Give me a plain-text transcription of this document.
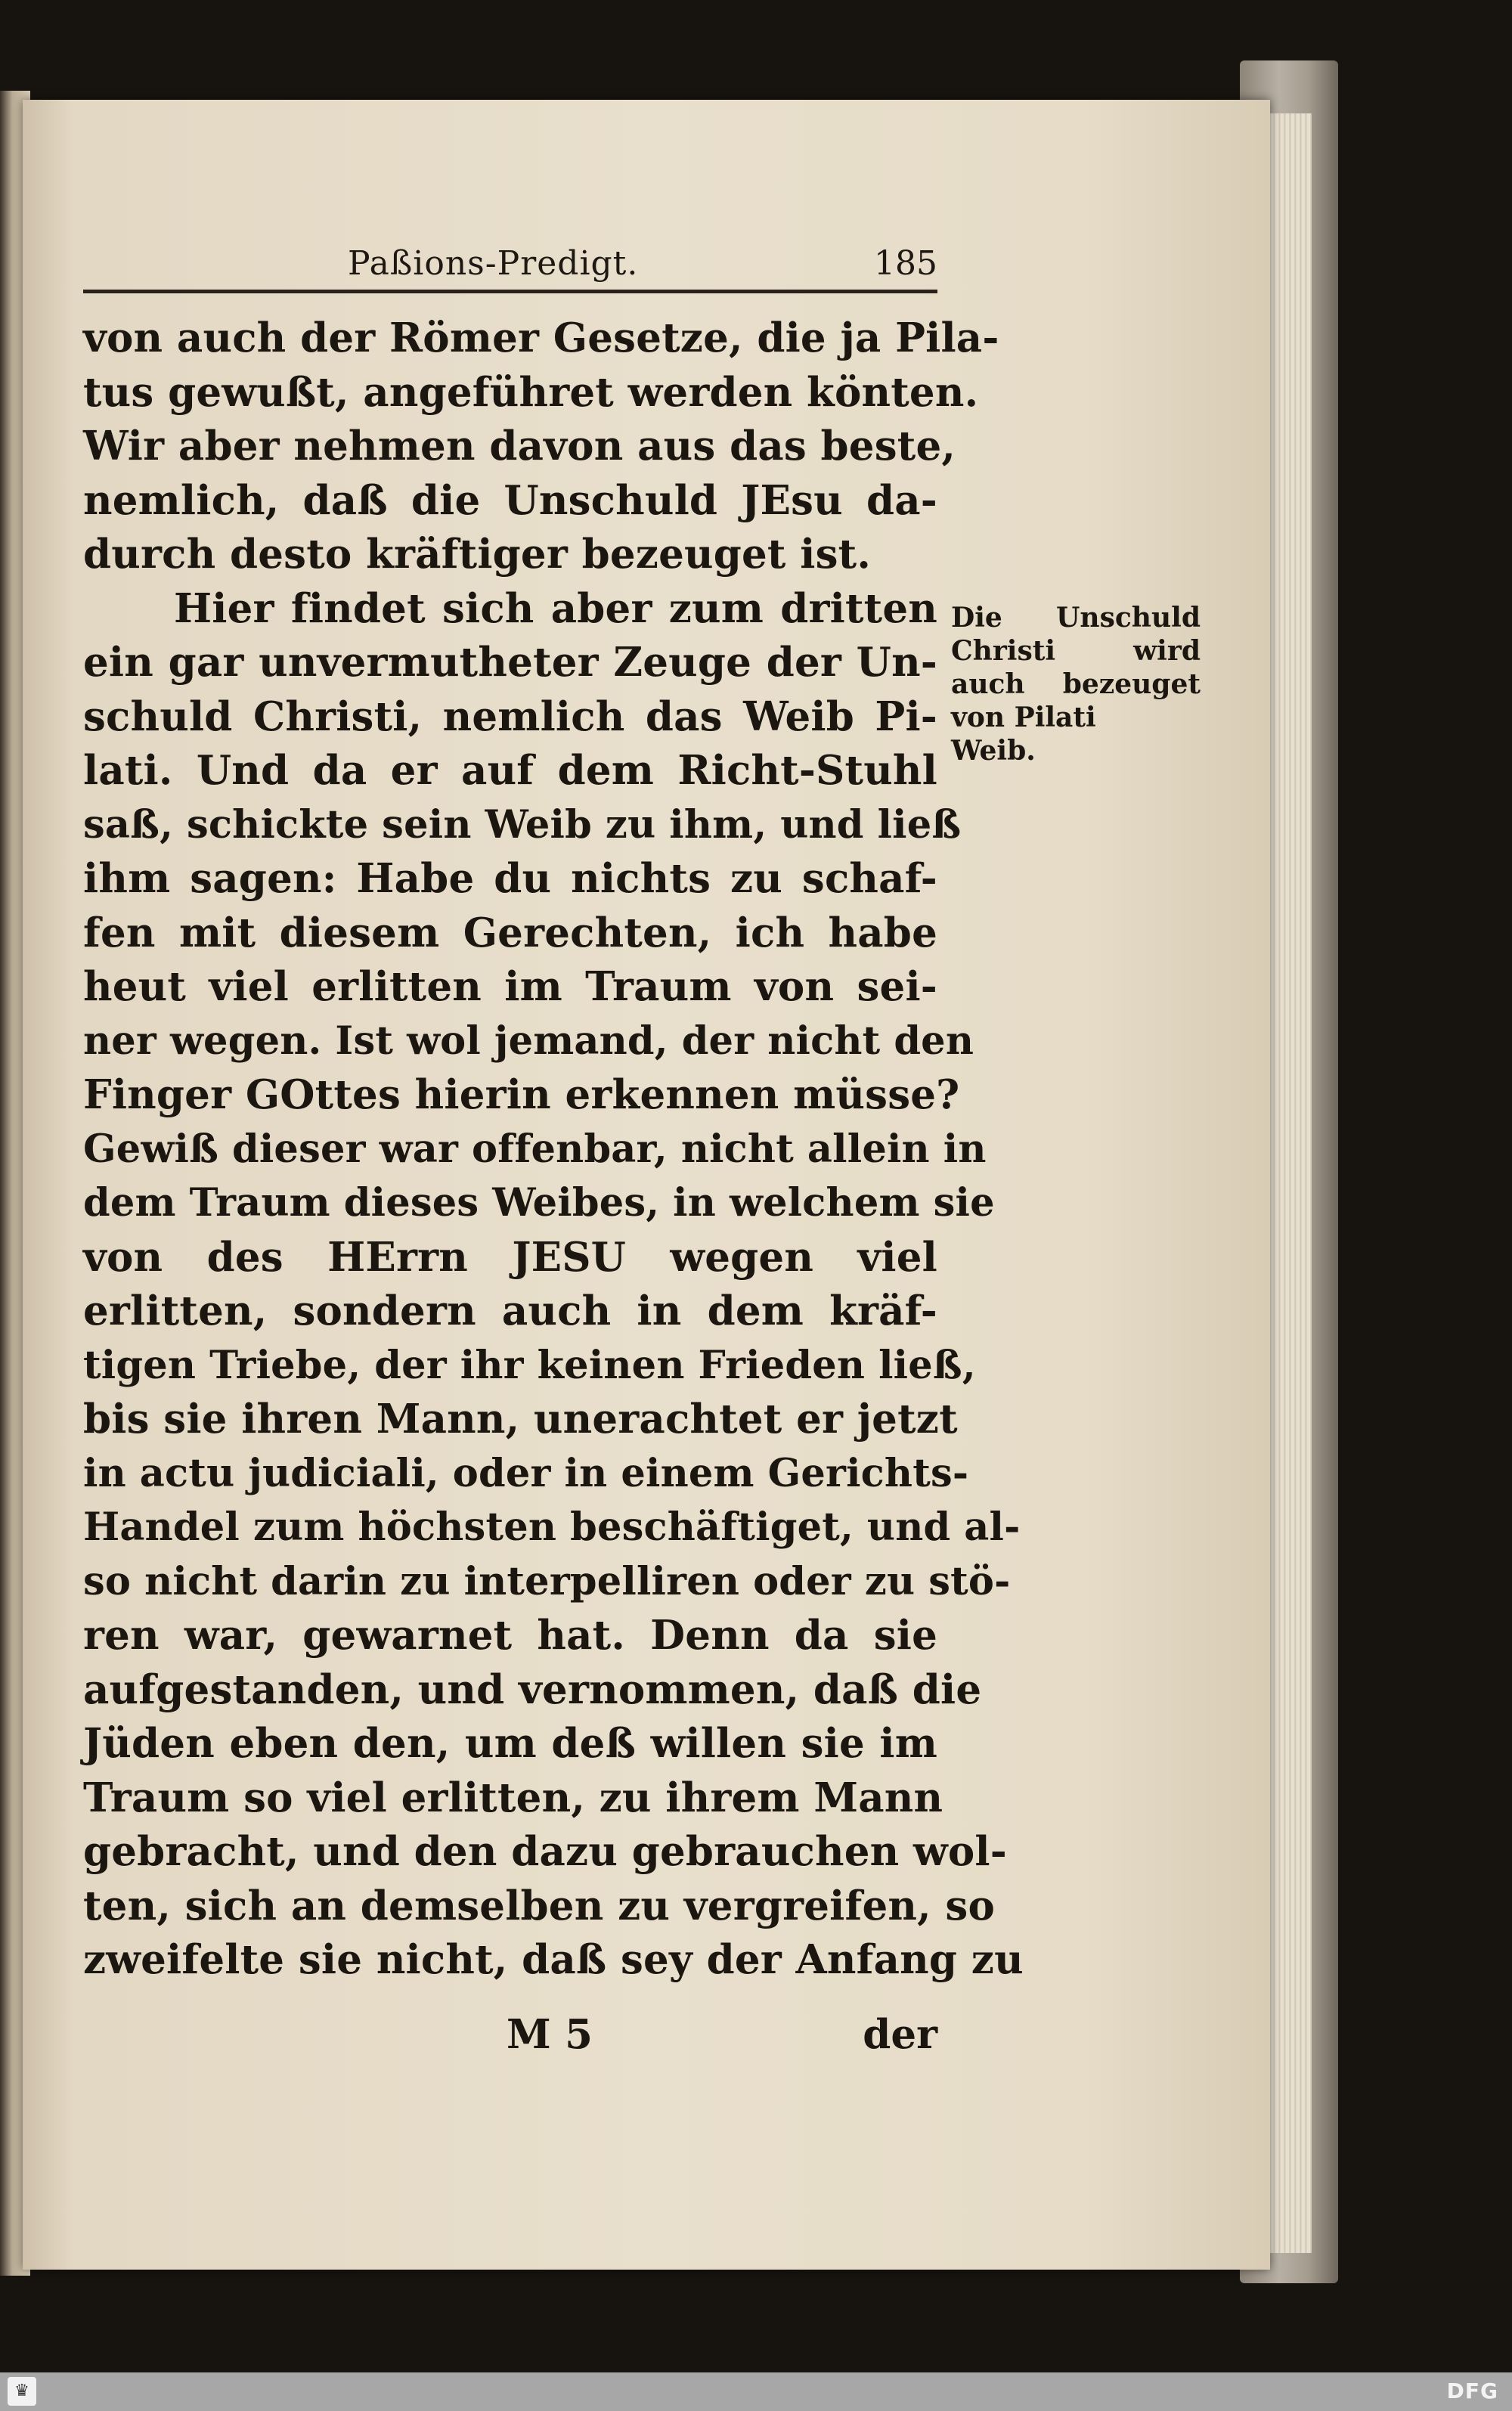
Paßions-Predigt.	185
von auch der Römer Gesetze, die ja Pila-
tus gewußt, angeführet werden könten.
Wir aber nehmen davon aus das beste,
nemlich, daß die Unschuld JEsu da-
durch desto kräftiger bezeuget ist.
Hier findet sich aber zum dritten
ein gar unvermutheter Zeuge der Un-
schuld Christi, nemlich das Weib Pi-
lati. Und da er auf dem Richt-Stuhl
saß, schickte sein Weib zu ihm, und ließ
ihm sagen: Habe du nichts zu schaf-
fen mit diesem Gerechten, ich habe
heut viel erlitten im Traum von sei-
ner wegen. Ist wol jemand, der nicht den
Finger GOttes hierin erkennen müsse?
Gewiß dieser war offenbar, nicht allein in
dem Traum dieses Weibes, in welchem sie
von des HErrn JESU wegen viel
erlitten, sondern auch in dem kräf-
tigen Triebe, der ihr keinen Frieden ließ,
bis sie ihren Mann, unerachtet er jetzt
in actu judiciali, oder in einem Gerichts-
Handel zum höchsten beschäftiget, und al-
so nicht darin zu interpelliren oder zu stö-
ren war, gewarnet hat. Denn da sie
aufgestanden, und vernommen, daß die
Jüden eben den, um deß willen sie im
Traum so viel erlitten, zu ihrem Mann
gebracht, und den dazu gebrauchen wol-
ten, sich an demselben zu vergreifen, so
zweifelte sie nicht, daß sey der Anfang zu
Die Unschuld
Christi wird
auch bezeuget
von Pilati
Weib.
M 5	der
♛	DFG
